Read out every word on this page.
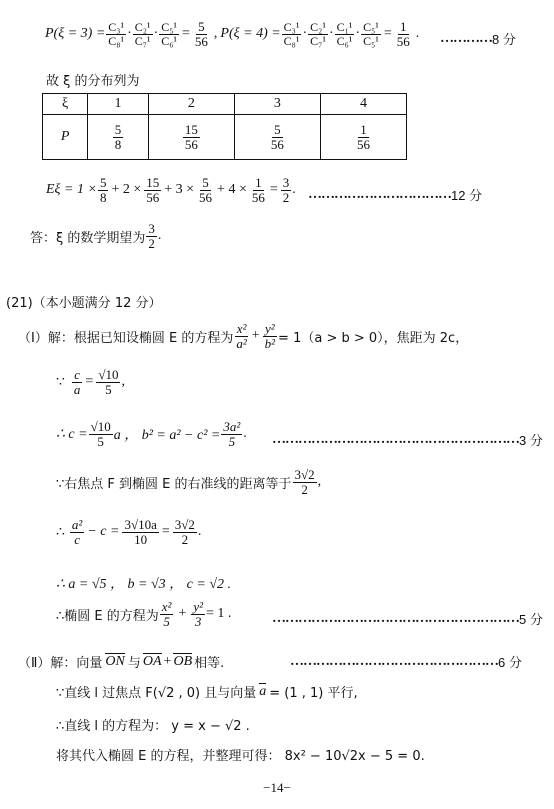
$P(\xi = 3) = \frac{\text{C₃¹}}{\text{C₈¹}} \cdot \frac{\text{C₂¹}}{\text{C₇¹}} \cdot \frac{\text{C₅¹}}{\text{C₆¹}} = \frac{5}{56}$ , $P(\xi = 4) = \frac{\text{C₃¹}}{\text{C₈¹}} \cdot \frac{\text{C₂¹}}{\text{C₇¹}} \cdot \frac{\text{C₁¹}}{\text{C₆¹}} \cdot \frac{\text{C₅¹}}{\text{C₅¹}} = \frac{1}{56}$ . ………… 8 分
故 ξ 的分布列为
ξ	1	2	3	4
P	$\frac{5}{8}$	$\frac{15}{56}$	$\frac{5}{56}$	$\frac{1}{56}$
$E\xi = 1 \times \frac{5}{8} + 2 \times \frac{15}{56} + 3 \times \frac{5}{56} + 4 \times \frac{1}{56} = \frac{3}{2}$ . …………………………… 12 分
答：ξ 的数学期望为 $\frac{3}{2}$ .
(21)（本小题满分 12 分）
（Ⅰ）解：根据已知设椭圆 E 的方程为 $\frac{\text{x²}}{\text{a²}} + \frac{\text{y²}}{\text{b²}} = 1(a > b > 0)$，焦距为 2c，
∵ $\frac{c}{a} = \frac{√10}{5}$ ,
∴ $c = \frac{√10}{5}$ a ， $b^2 = a^2 - c^2 = \frac{\text{3a²}}{5}$ . ………………………………………………… 3 分
∵右焦点 F 到椭圆 E 的右准线的距离等于 $\frac{3√2}{2}$ ,
∴ $\frac{\text{a²}}{c} - c = \frac{3√10a}{10} = \frac{3√2}{2}$ .
∴ a = √5 ， b = √3 ， c = √2 .
∴椭圆 E 的方程为 $\frac{\text{x²}}{5} + \frac{\text{y²}}{3} = 1$ .	………………………………………………… 5 分
（Ⅱ）解：向量 ON 与 OA + OB 相等.	………………………………………… 6 分
∵直线 l 过焦点 F(√2 , 0) 且与向量 a = (1 , 1) 平行,
∴直线 l 的方程为： y = x − √2 .
将其代入椭圆 E 的方程，并整理可得： 8x² − 10√2x − 5 = 0.
−14−
